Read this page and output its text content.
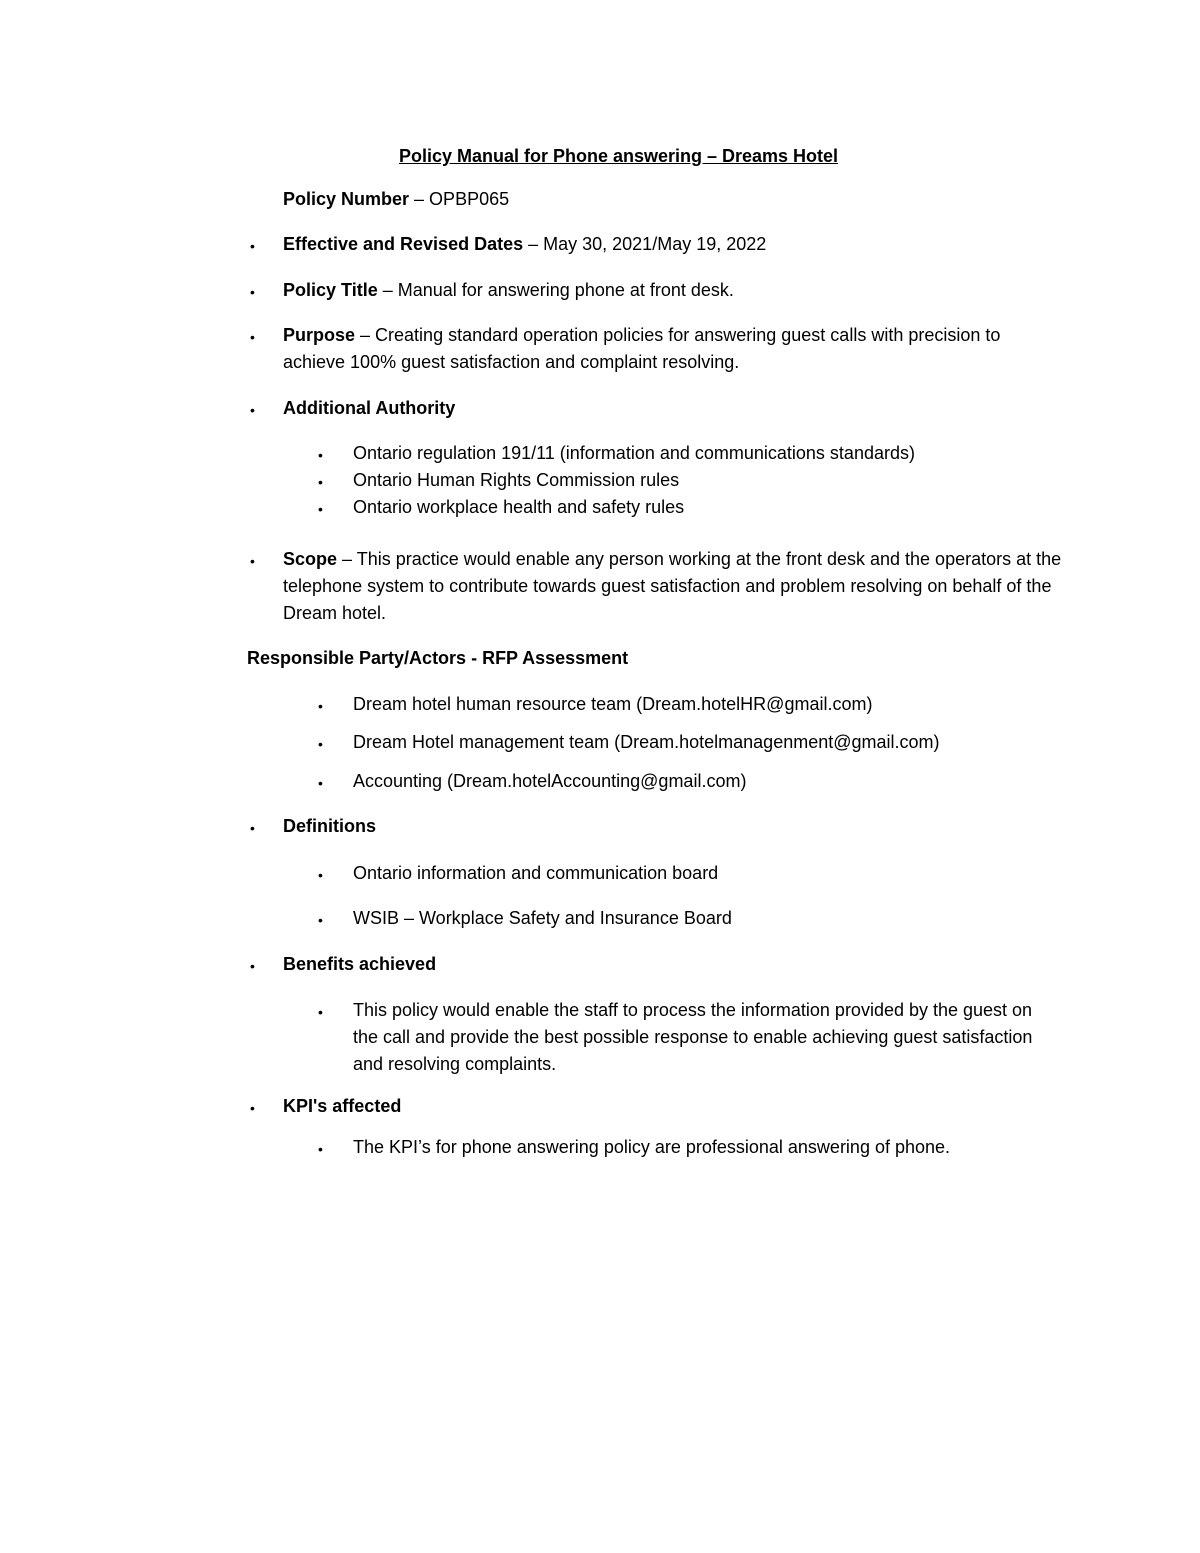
Policy Manual for Phone answering – Dreams Hotel
Policy Number – OPBP065
• Effective and Revised Dates – May 30, 2021/May 19, 2022
• Policy Title – Manual for answering phone at front desk.
• Purpose – Creating standard operation policies for answering guest calls with precision to achieve 100% guest satisfaction and complaint resolving.
• Additional Authority
• Ontario regulation 191/11 (information and communications standards)
• Ontario Human Rights Commission rules
• Ontario workplace health and safety rules
• Scope – This practice would enable any person working at the front desk and the operators at the telephone system to contribute towards guest satisfaction and problem resolving on behalf of the Dream hotel.
Responsible Party/Actors - RFP Assessment
• Dream hotel human resource team (Dream.hotelHR@gmail.com)
• Dream Hotel management team (Dream.hotelmanagenment@gmail.com)
• Accounting (Dream.hotelAccounting@gmail.com)
• Definitions
• Ontario information and communication board
• WSIB – Workplace Safety and Insurance Board
• Benefits achieved
• This policy would enable the staff to process the information provided by the guest on the call and provide the best possible response to enable achieving guest satisfaction and resolving complaints.
• KPI's affected
• The KPI’s for phone answering policy are professional answering of phone.
